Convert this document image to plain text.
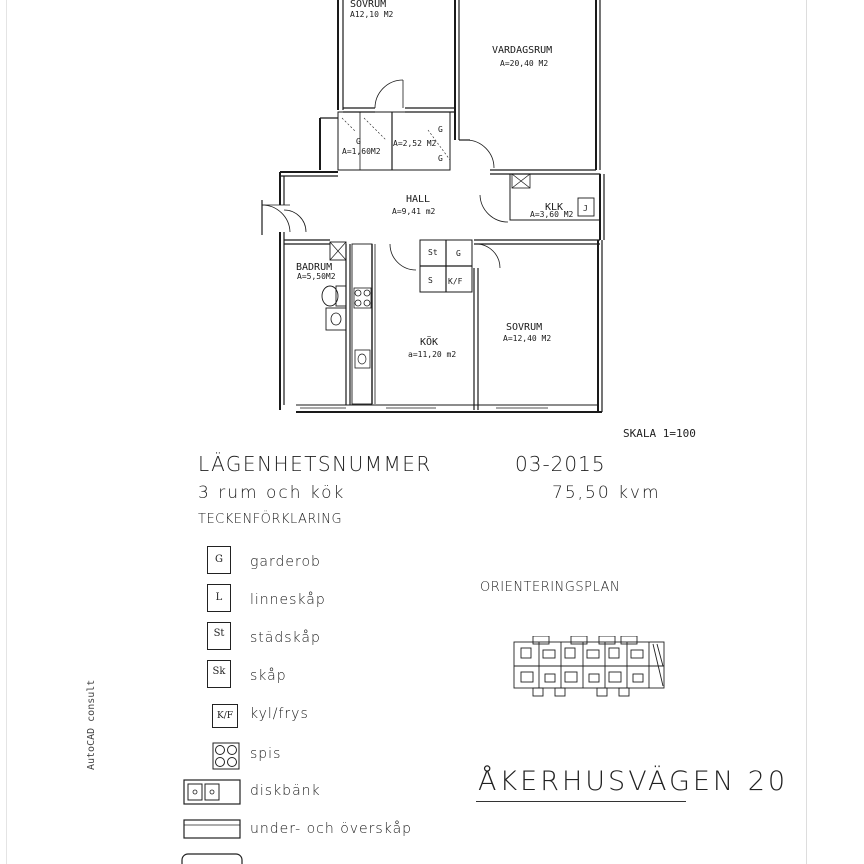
SOVRUM
A12,10 M2
VARDAGSRUM
A=20,40 M2
HALL
A=9,41 m2	KLK
A=3,60 M2
BADRUM
A=5,50M2
KÖK
a=11,20 m2
SOVRUM
A=12,40 M2
G
A=1,60M2
A=2,52 M2
G
G
St G
S K/F
J
SKALA 1=100
LÄGENHETSNUMMER	03-2015
3 rum och kök	75,50 kvm
TECKENFÖRKLARING
G	garderob
L	linneskåp
St	städskåp
Sk	skåp
K/F	kyl/frys
spis
diskbänk
under- och överskåp
ORIENTERINGSPLAN
ÅKERHUSVÄGEN 20
AutoCAD consult
